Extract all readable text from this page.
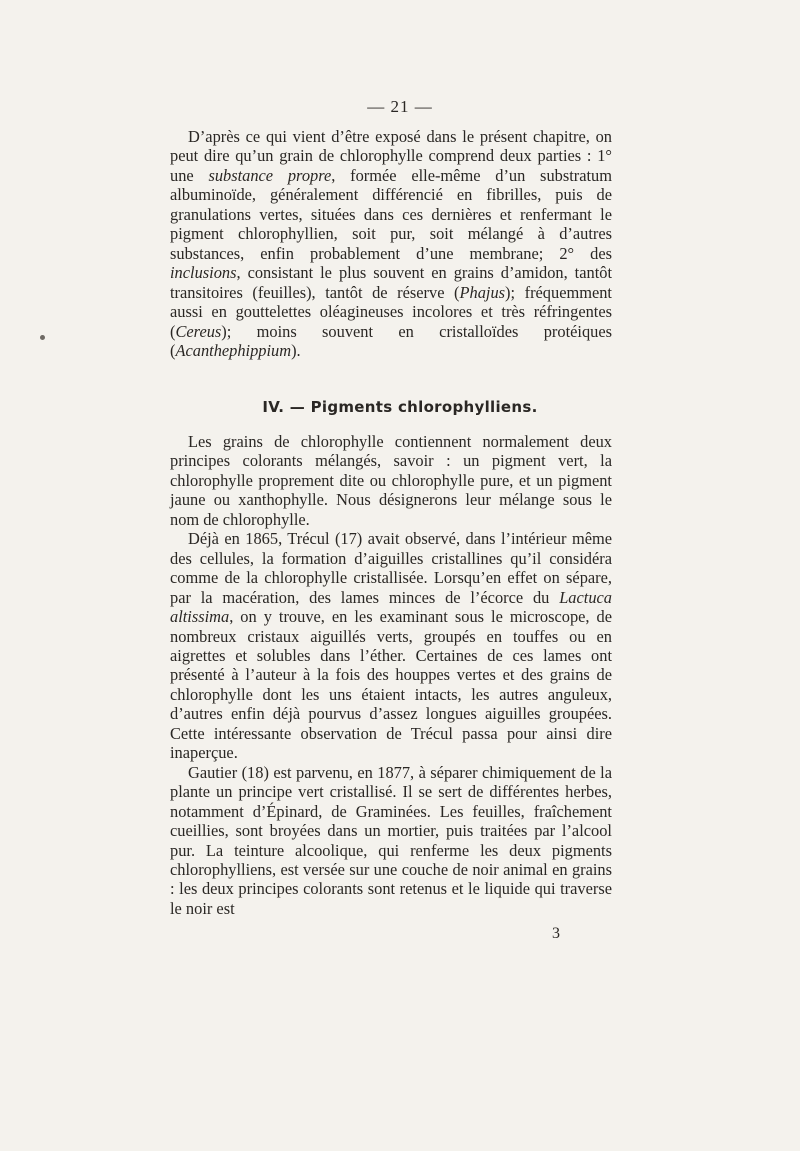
— 21 —

D’après ce qui vient d’être exposé dans le présent chapitre, on peut dire qu’un grain de chlorophylle comprend deux parties : 1° une substance propre, formée elle-même d’un substratum albuminoïde, généralement différencié en fibrilles, puis de granulations vertes, situées dans ces dernières et renfermant le pigment chlorophyllien, soit pur, soit mélangé à d’autres substances, enfin probablement d’une membrane; 2° des inclusions, consistant le plus souvent en grains d’amidon, tantôt transitoires (feuilles), tantôt de réserve (Phajus); fréquemment aussi en gouttelettes oléagineuses incolores et très réfringentes (Cereus); moins souvent en cristalloïdes protéiques (Acanthephippium).

IV. — Pigments chlorophylliens.

Les grains de chlorophylle contiennent normalement deux principes colorants mélangés, savoir : un pigment vert, la chlorophylle proprement dite ou chlorophylle pure, et un pigment jaune ou xanthophylle. Nous désignerons leur mélange sous le nom de chlorophylle.

Déjà en 1865, Trécul (17) avait observé, dans l’intérieur même des cellules, la formation d’aiguilles cristallines qu’il considéra comme de la chlorophylle cristallisée. Lorsqu’en effet on sépare, par la macération, des lames minces de l’écorce du Lactuca altissima, on y trouve, en les examinant sous le microscope, de nombreux cristaux aiguillés verts, groupés en touffes ou en aigrettes et solubles dans l’éther. Certaines de ces lames ont présenté à l’auteur à la fois des houppes vertes et des grains de chlorophylle dont les uns étaient intacts, les autres anguleux, d’autres enfin déjà pourvus d’assez longues aiguilles groupées. Cette intéressante observation de Trécul passa pour ainsi dire inaperçue.

Gautier (18) est parvenu, en 1877, à séparer chimiquement de la plante un principe vert cristallisé. Il se sert de différentes herbes, notamment d’Épinard, de Graminées. Les feuilles, fraîchement cueillies, sont broyées dans un mortier, puis traitées par l’alcool pur. La teinture alcoolique, qui renferme les deux pigments chlorophylliens, est versée sur une couche de noir animal en grains : les deux principes colorants sont retenus et le liquide qui traverse le noir est

3
